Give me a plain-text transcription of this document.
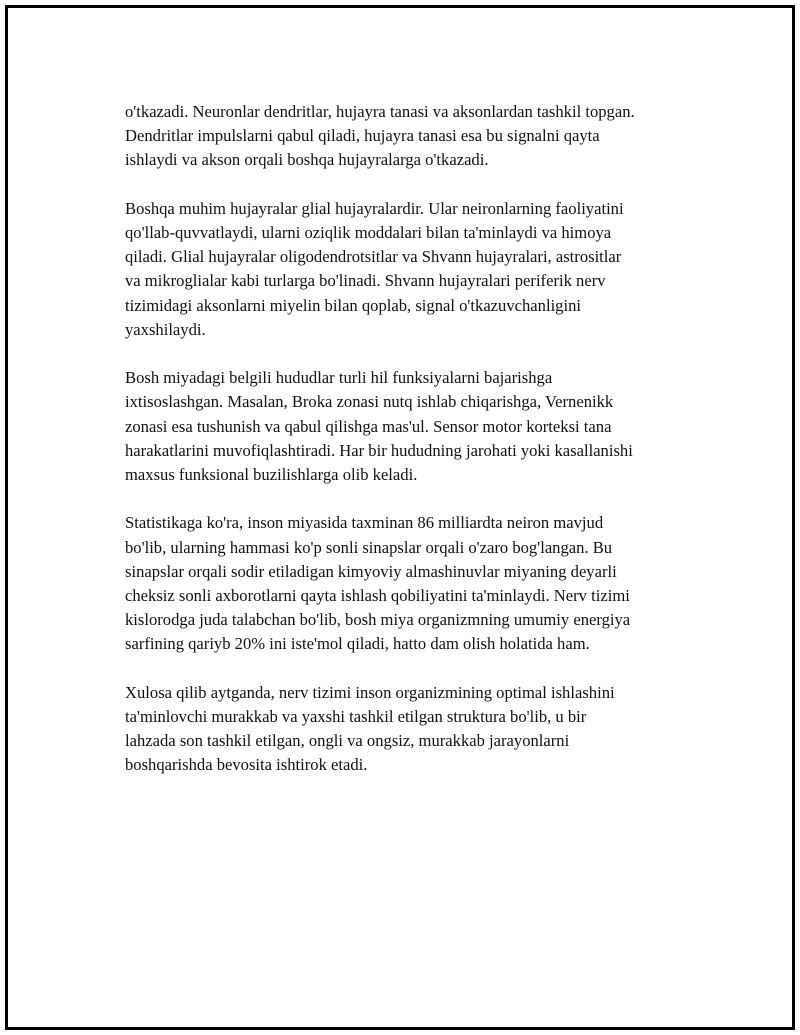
o'tkazadi. Neuronlar dendritlar, hujayra tanasi va aksonlardan tashkil topgan.
Dendritlar impulslarni qabul qiladi, hujayra tanasi esa bu signalni qayta
ishlaydi va akson orqali boshqa hujayralarga o'tkazadi.

Boshqa muhim hujayralar glial hujayralardir. Ular neironlarning faoliyatini
qo'llab-quvvatlaydi, ularni oziqlik moddalari bilan ta'minlaydi va himoya
qiladi. Glial hujayralar oligodendrotsitlar va Shvann hujayralari, astrositlar
va mikroglialar kabi turlarga bo'linadi. Shvann hujayralari periferik nerv
tizimidagi aksonlarni miyelin bilan qoplab, signal o'tkazuvchanligini
yaxshilaydi.

Bosh miyadagi belgili hududlar turli hil funksiyalarni bajarishga
ixtisoslashgan. Masalan, Broka zonasi nutq ishlab chiqarishga, Vernenikk
zonasi esa tushunish va qabul qilishga mas'ul. Sensor motor korteksi tana
harakatlarini muvofiqlashtiradi. Har bir hududning jarohati yoki kasallanishi
maxsus funksional buzilishlarga olib keladi.

Statistikaga ko'ra, inson miyasida taxminan 86 milliardta neiron mavjud
bo'lib, ularning hammasi ko'p sonli sinapslar orqali o'zaro bog'langan. Bu
sinapslar orqali sodir etiladigan kimyoviy almashinuvlar miyaning deyarli
cheksiz sonli axborotlarni qayta ishlash qobiliyatini ta'minlaydi. Nerv tizimi
kislorodga juda talabchan bo'lib, bosh miya organizmning umumiy energiya
sarfining qariyb 20% ini iste'mol qiladi, hatto dam olish holatida ham.

Xulosa qilib aytganda, nerv tizimi inson organizmining optimal ishlashini
ta'minlovchi murakkab va yaxshi tashkil etilgan struktura bo'lib, u bir
lahzada son tashkil etilgan, ongli va ongsiz, murakkab jarayonlarni
boshqarishda bevosita ishtirok etadi.
